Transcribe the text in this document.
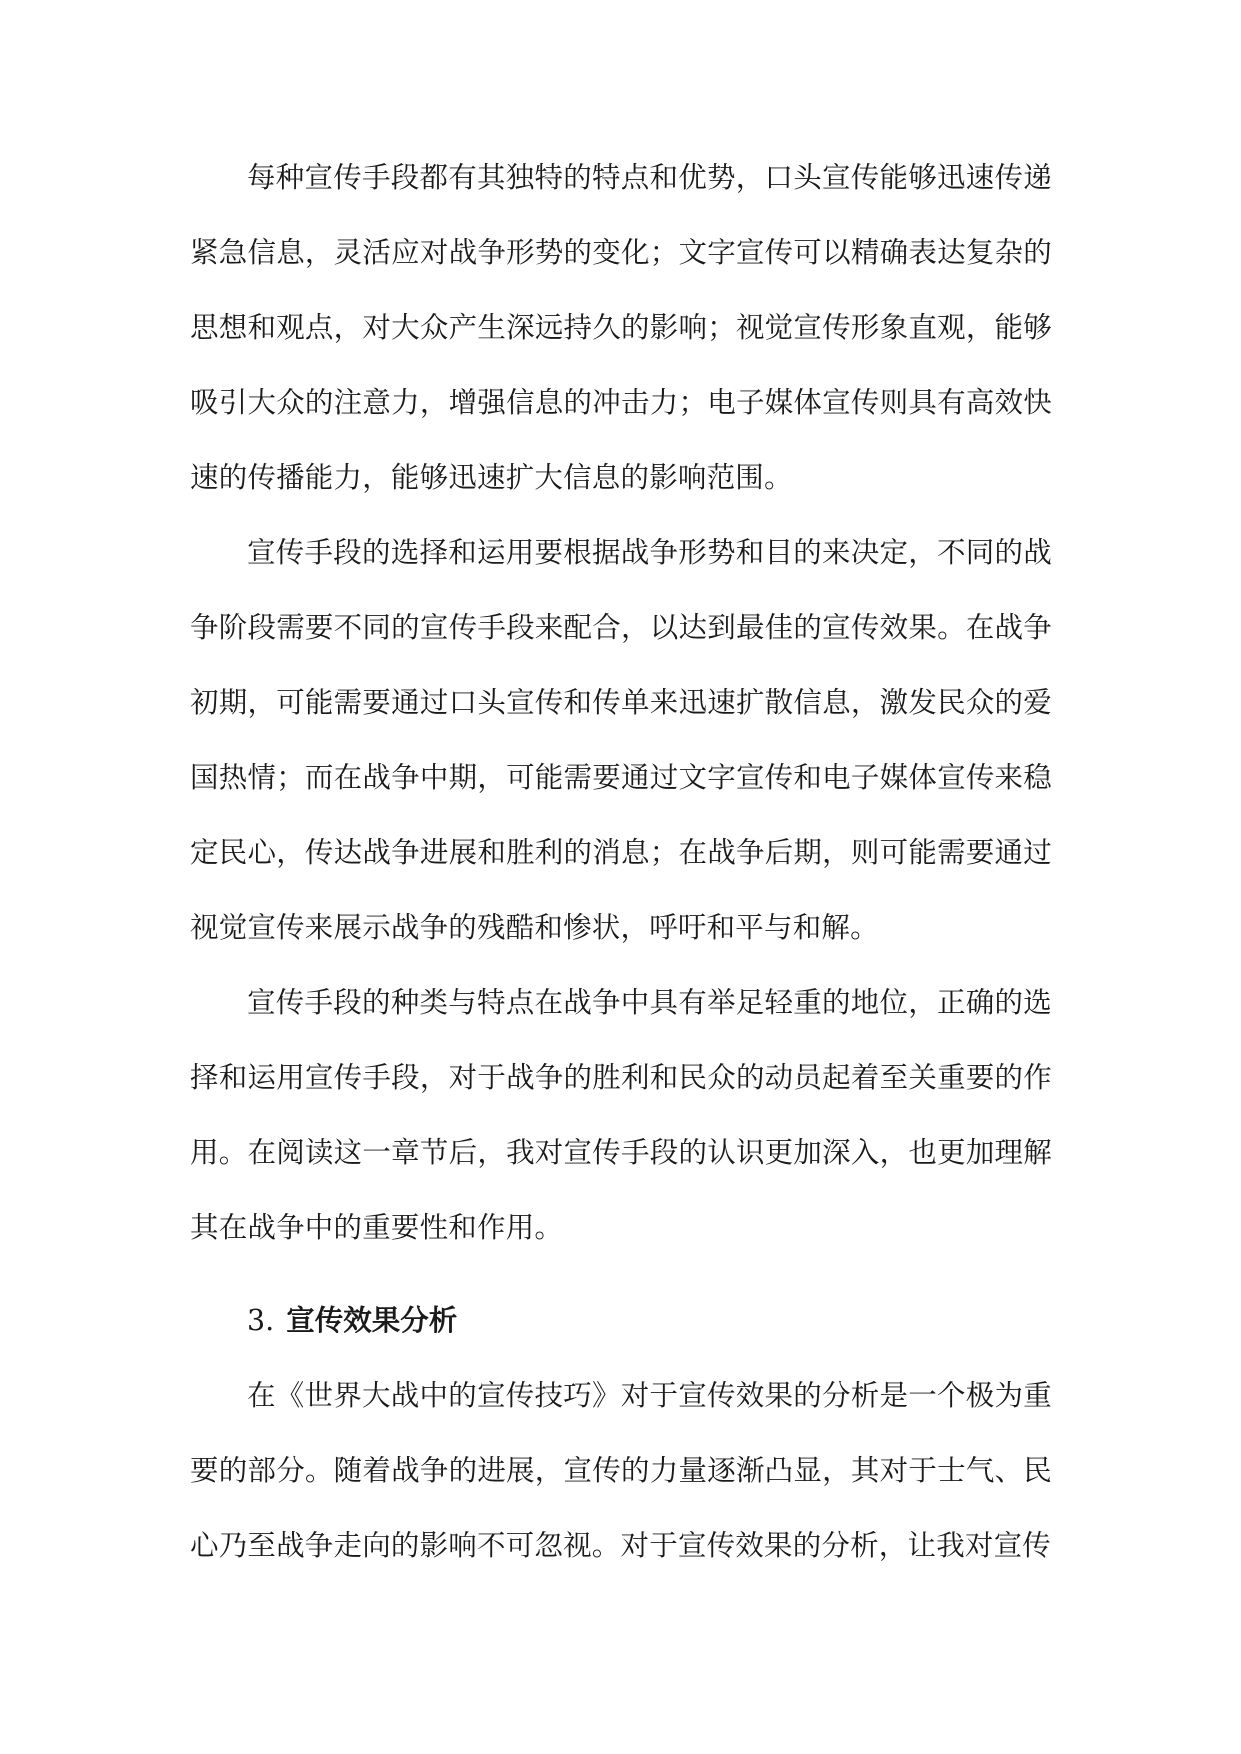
每种宣传手段都有其独特的特点和优势，口头宣传能够迅速传递紧急信息，灵活应对战争形势的变化；文字宣传可以精确表达复杂的思想和观点，对大众产生深远持久的影响；视觉宣传形象直观，能够吸引大众的注意力，增强信息的冲击力；电子媒体宣传则具有高效快速的传播能力，能够迅速扩大信息的影响范围。

宣传手段的选择和运用要根据战争形势和目的来决定，不同的战争阶段需要不同的宣传手段来配合，以达到最佳的宣传效果。在战争初期，可能需要通过口头宣传和传单来迅速扩散信息，激发民众的爱国热情；而在战争中期，可能需要通过文字宣传和电子媒体宣传来稳定民心，传达战争进展和胜利的消息；在战争后期，则可能需要通过视觉宣传来展示战争的残酷和惨状，呼吁和平与和解。

宣传手段的种类与特点在战争中具有举足轻重的地位，正确的选择和运用宣传手段，对于战争的胜利和民众的动员起着至关重要的作用。在阅读这一章节后，我对宣传手段的认识更加深入，也更加理解其在战争中的重要性和作用。

3. 宣传效果分析

在《世界大战中的宣传技巧》对于宣传效果的分析是一个极为重要的部分。随着战争的进展，宣传的力量逐渐凸显，其对于士气、民心乃至战争走向的影响不可忽视。对于宣传效果的分析，让我对宣传
